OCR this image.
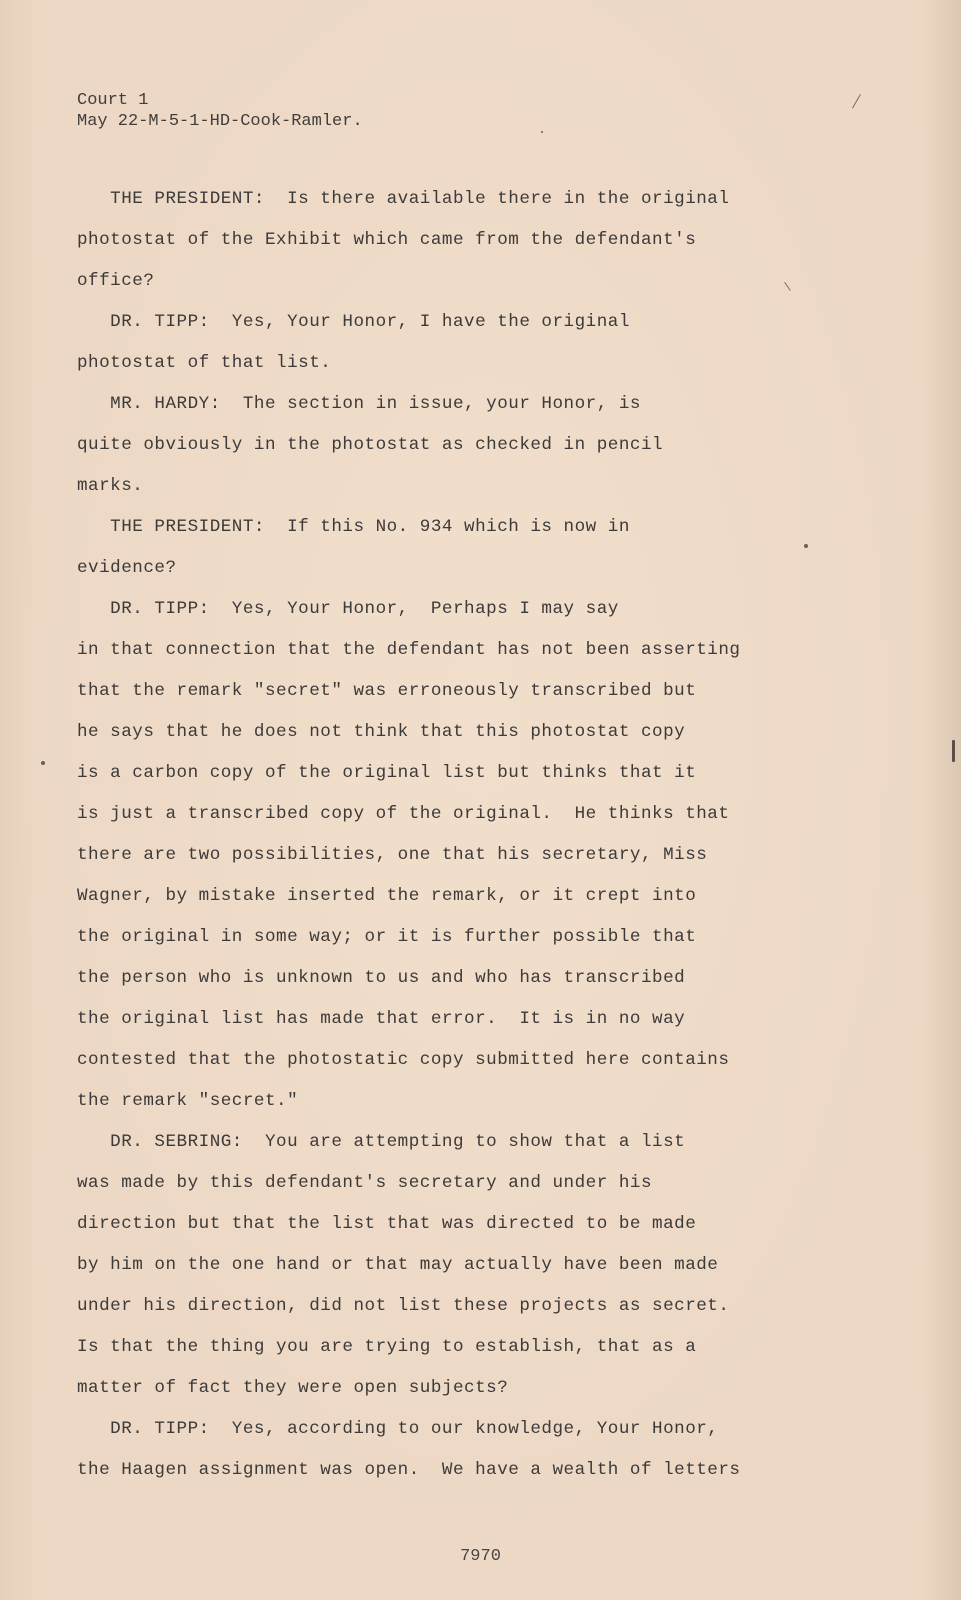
Court 1
May 22-M-5-1-HD-Cook-Ramler.
THE PRESIDENT:  Is there available there in the original
photostat of the Exhibit which came from the defendant's
office?
DR. TIPP:  Yes, Your Honor, I have the original
photostat of that list.
MR. HARDY:  The section in issue, your Honor, is
quite obviously in the photostat as checked in pencil
marks.
THE PRESIDENT:  If this No. 934 which is now in
evidence?
DR. TIPP:  Yes, Your Honor,  Perhaps I may say
in that connection that the defendant has not been asserting
that the remark "secret" was erroneously transcribed but
he says that he does not think that this photostat copy
is a carbon copy of the original list but thinks that it
is just a transcribed copy of the original.  He thinks that
there are two possibilities, one that his secretary, Miss
Wagner, by mistake inserted the remark, or it crept into
the original in some way; or it is further possible that
the person who is unknown to us and who has transcribed
the original list has made that error.  It is in no way
contested that the photostatic copy submitted here contains
the remark "secret."
DR. SEBRING:  You are attempting to show that a list
was made by this defendant's secretary and under his
direction but that the list that was directed to be made
by him on the one hand or that may actually have been made
under his direction, did not list these projects as secret.
Is that the thing you are trying to establish, that as a
matter of fact they were open subjects?
DR. TIPP:  Yes, according to our knowledge, Your Honor,
the Haagen assignment was open.  We have a wealth of letters
7970
